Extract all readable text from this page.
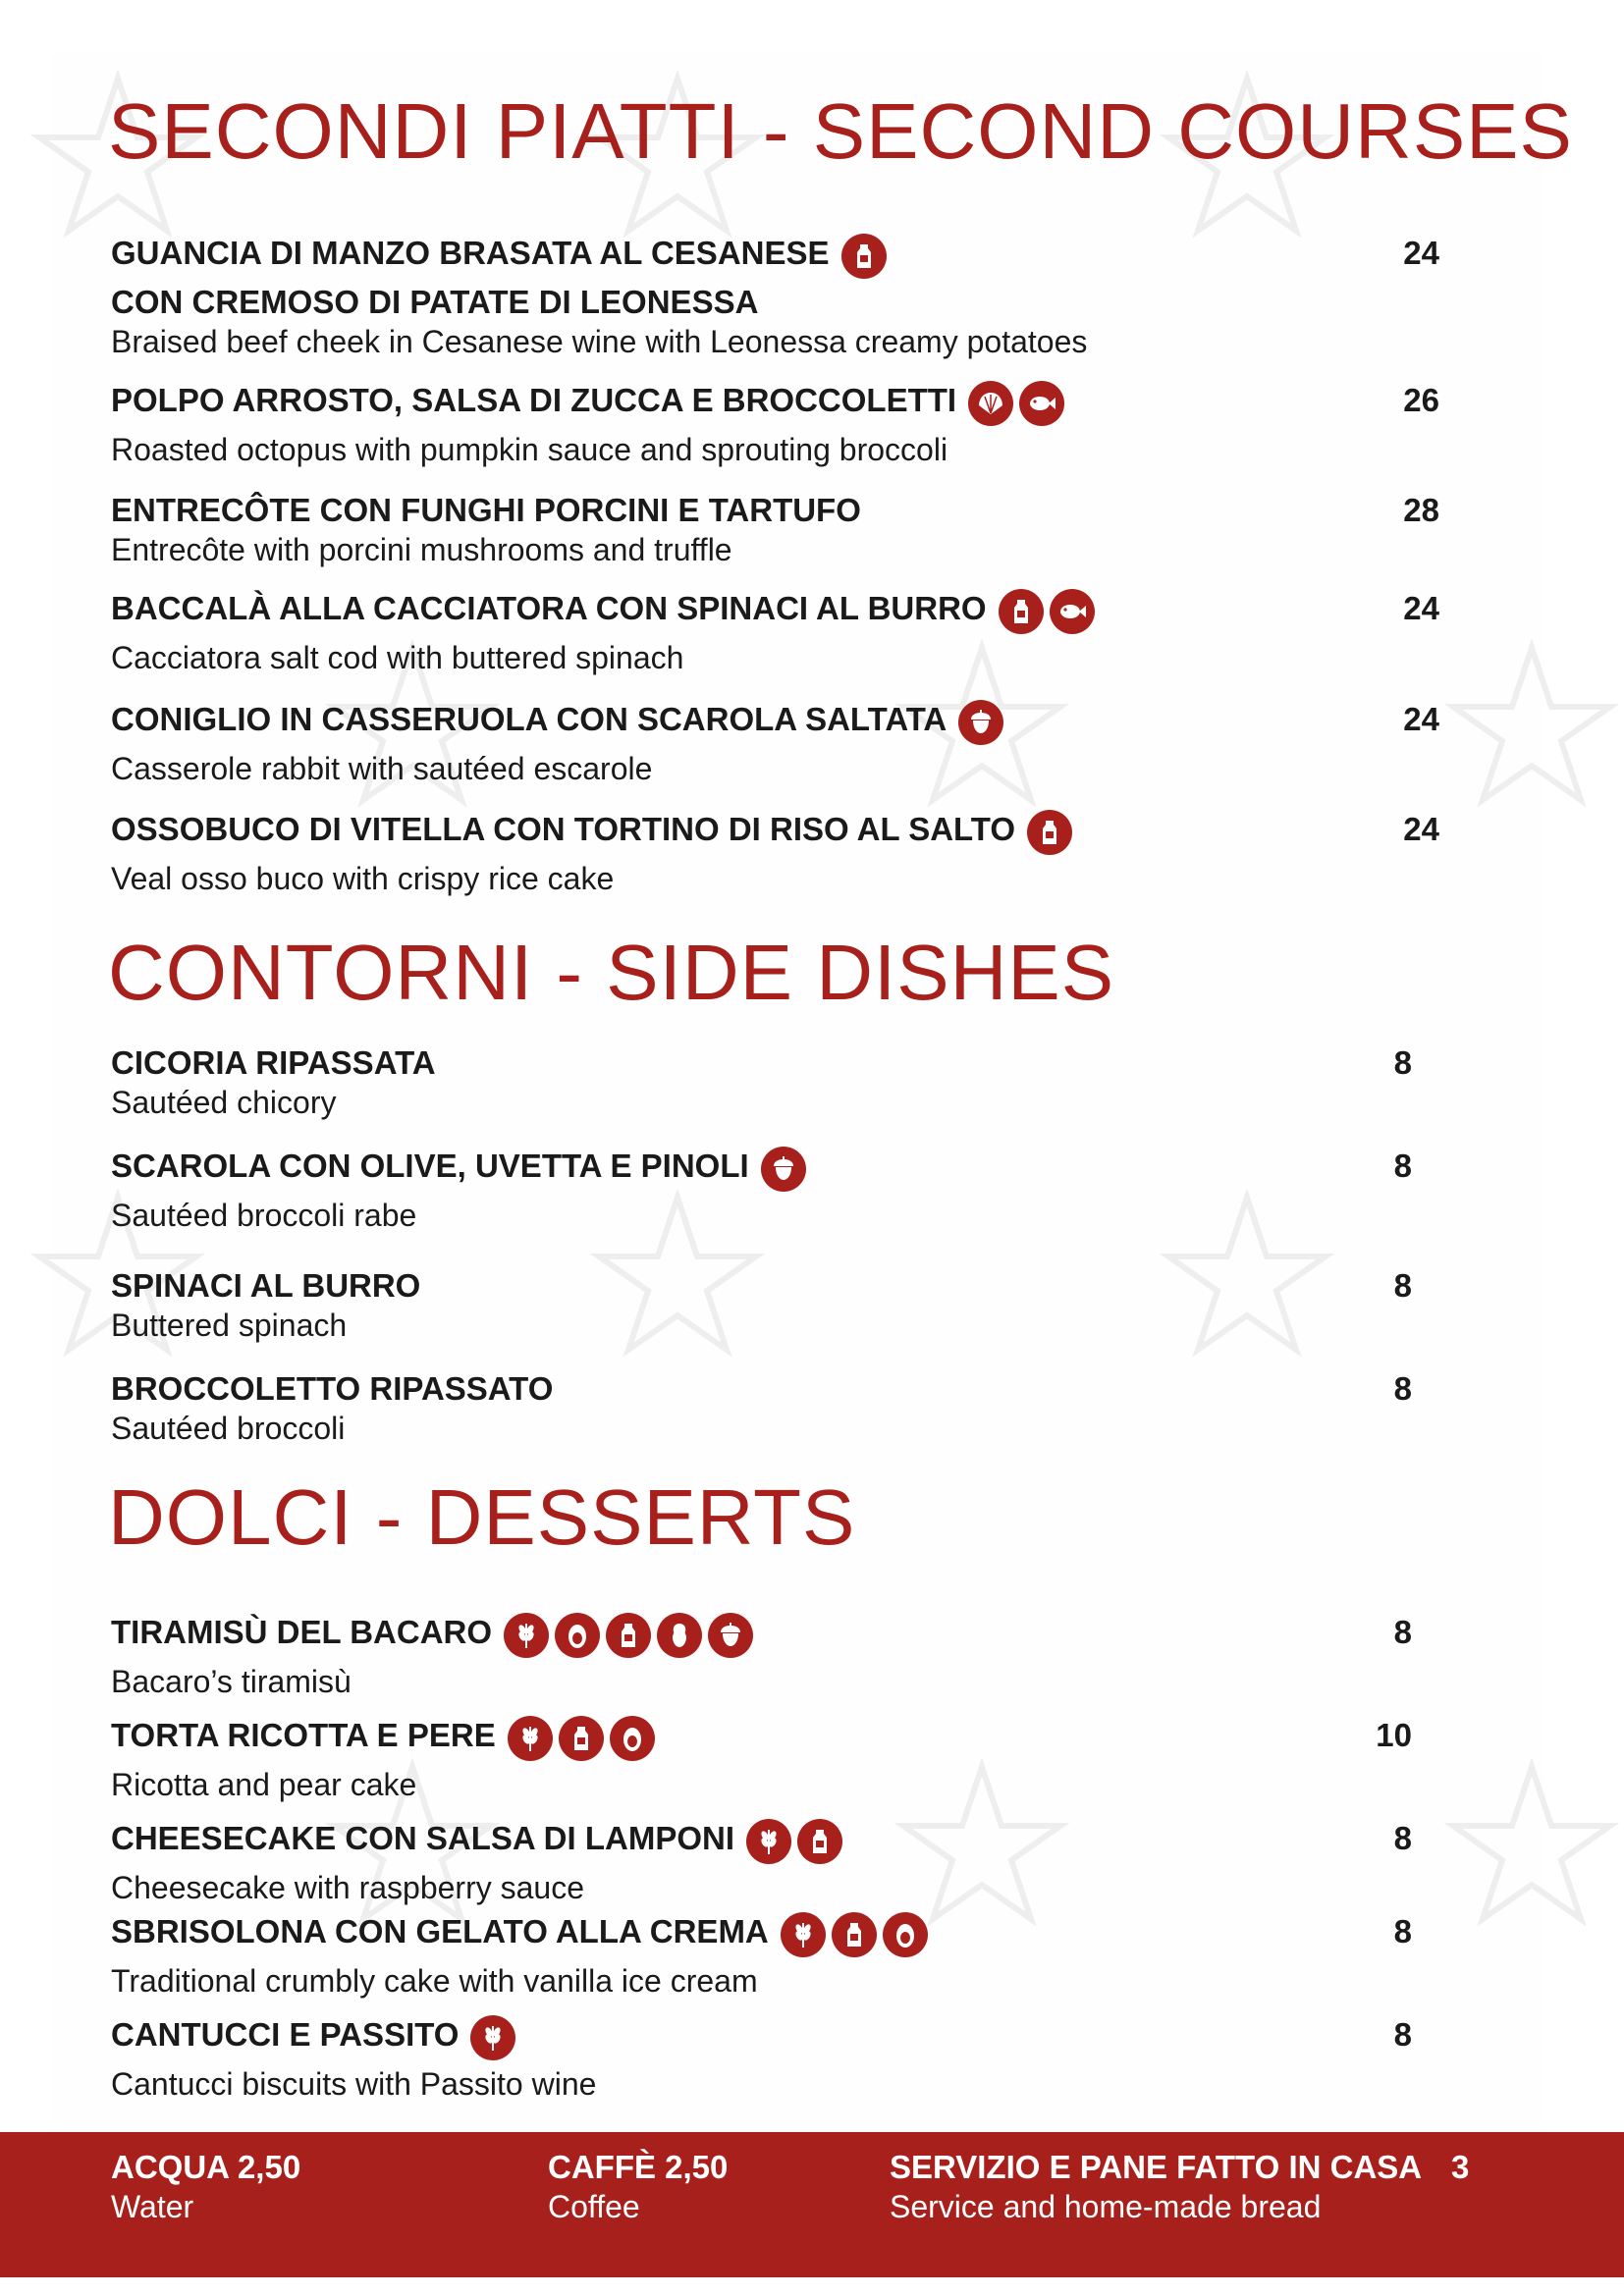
SECONDI PIATTI - SECOND COURSES
GUANCIA DI MANZO BRASATA AL CESANESE
CON CREMOSO DI PATATE DI LEONESSA
Braised beef cheek in Cesanese wine with Leonessa creamy potatoes
24
POLPO ARROSTO, SALSA DI ZUCCA E BROCCOLETTI
Roasted octopus with pumpkin sauce and sprouting broccoli
26
ENTRECÔTE CON FUNGHI PORCINI E TARTUFO
Entrecôte with porcini mushrooms and truffle
28
BACCALÀ ALLA CACCIATORA CON SPINACI AL BURRO
Cacciatora salt cod with buttered spinach
24
CONIGLIO IN CASSERUOLA CON SCAROLA SALTATA
Casserole rabbit with sautéed escarole
24
OSSOBUCO DI VITELLA CON TORTINO DI RISO AL SALTO
Veal osso buco with crispy rice cake
24
CONTORNI - SIDE DISHES
CICORIA RIPASSATA
Sautéed chicory
8
SCAROLA CON OLIVE, UVETTA E PINOLI
Sautéed broccoli rabe
8
SPINACI AL BURRO
Buttered spinach
8
BROCCOLETTO RIPASSATO
Sautéed broccoli
8
DOLCI - DESSERTS
TIRAMISÙ DEL BACARO
Bacaro’s tiramisù
8
TORTA RICOTTA E PERE
Ricotta and pear cake
10
CHEESECAKE CON SALSA DI LAMPONI
Cheesecake with raspberry sauce
8
SBRISOLONA CON GELATO ALLA CREMA
Traditional crumbly cake with vanilla ice cream
8
CANTUCCI E PASSITO
Cantucci biscuits with Passito wine
8
ACQUA 2,50
Water
CAFFÈ 2,50
Coffee
SERVIZIO E PANE FATTO IN CASA
Service and home-made bread
3
